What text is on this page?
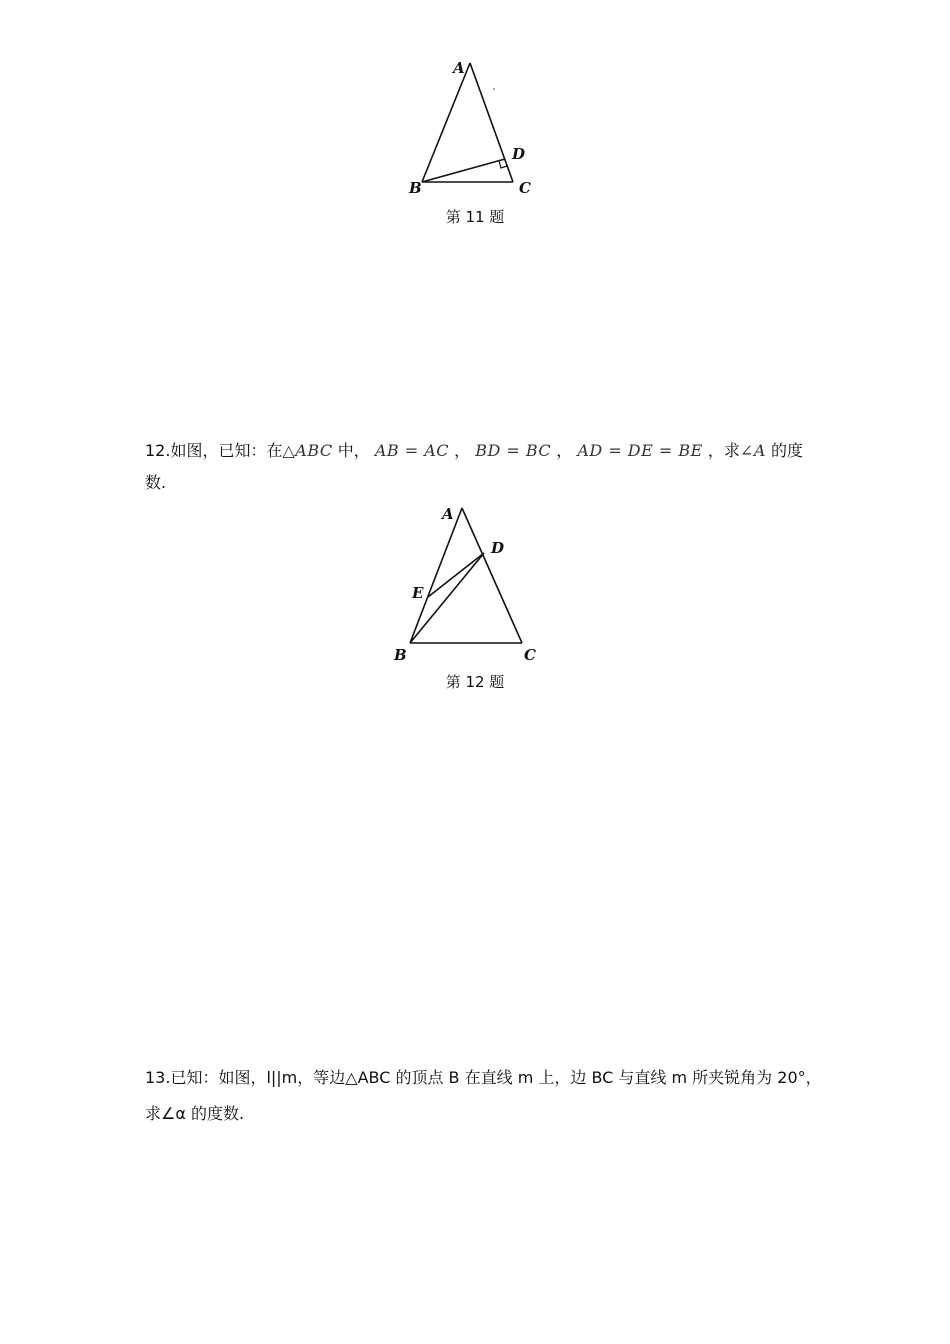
A
B	C
D
第 11 题
12.如图，已知：在△ABC 中， AB = AC ， BD = BC ， AD = DE = BE ，求∠A 的度数.
A
B	C
D
E
第 12 题
13.已知：如图，l||m，等边△ABC 的顶点 B 在直线 m 上，边 BC 与直线 m 所夹锐角为 20°，
求∠α 的度数.
